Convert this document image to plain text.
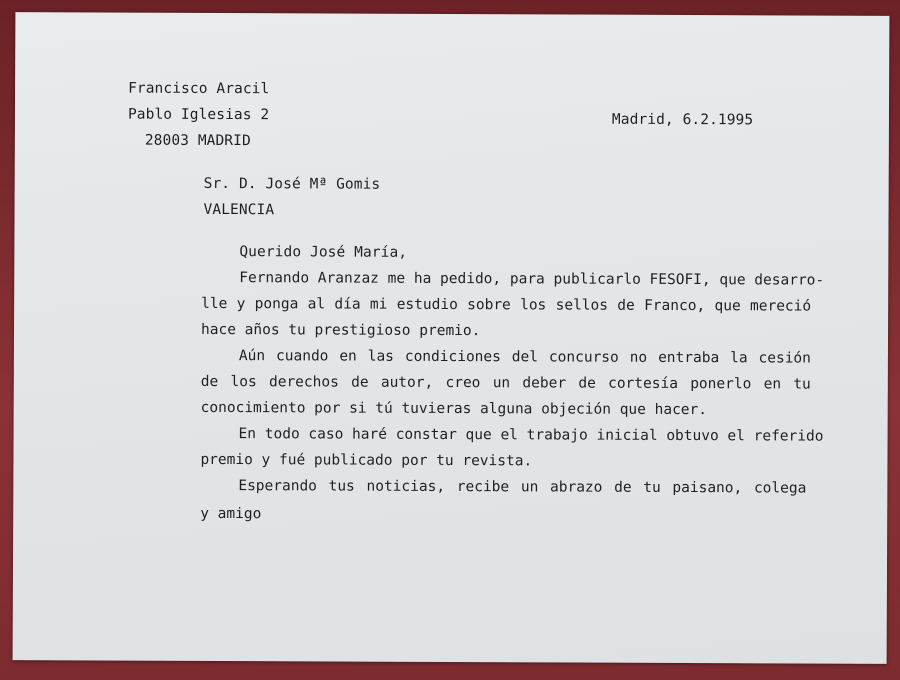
Francisco Aracil

Pablo Iglesias 2

28003 MADRID

Madrid, 6.2.1995

Sr. D. José Mª Gomis

VALENCIA

Querido José María,

Fernando Aranzaz me ha pedido, para publicarlo FESOFI, que desarro-

lle y ponga al día mi estudio sobre los sellos de Franco, que mereció

hace años tu prestigioso premio.

Aún cuando en las condiciones del concurso no entraba la cesión

de los derechos de autor, creo un deber de cortesía ponerlo en tu

conocimiento por si tú tuvieras alguna objeción que hacer.

En todo caso haré constar que el trabajo inicial obtuvo el referido

premio y fué publicado por tu revista.

Esperando tus noticias, recibe un abrazo de tu paisano, colega

y amigo
